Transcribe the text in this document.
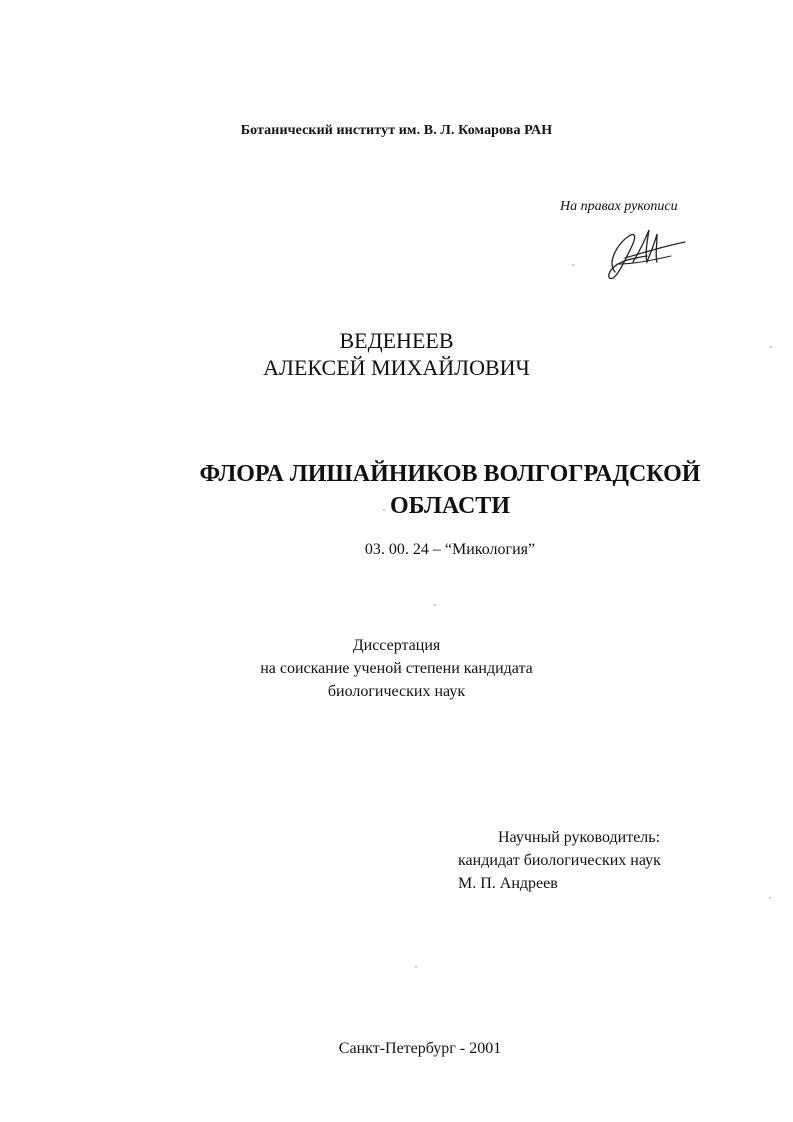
Ботанический институт им. В. Л. Комарова РАН
На правах рукописи
ВЕДЕНЕЕВ
АЛЕКСЕЙ МИХАЙЛОВИЧ
ФЛОРА ЛИШАЙНИКОВ ВОЛГОГРАДСКОЙ
ОБЛАСТИ
03. 00. 24 – “Микология”
Диссертация
на соискание ученой степени кандидата
биологических наук
Научный руководитель:
кандидат биологических наук
М. П. Андреев
Санкт-Петербург - 2001
